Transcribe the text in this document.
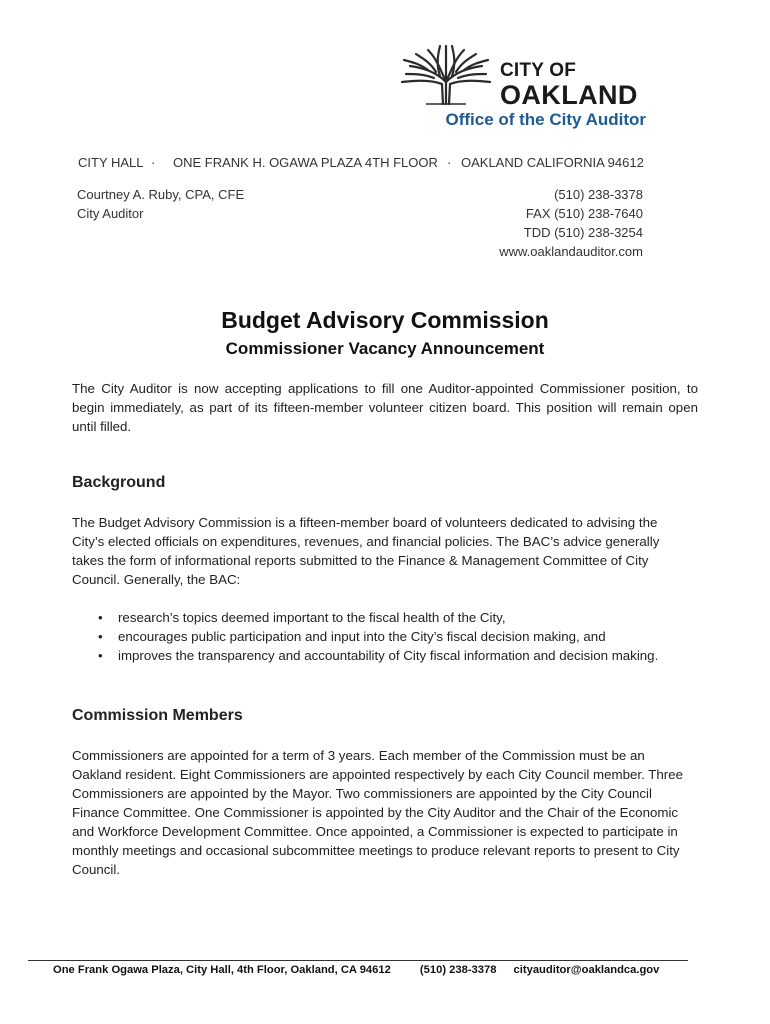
CITY OF
OAKLAND
Office of the City Auditor
CITY HALL · ONE FRANK H. OGAWA PLAZA 4TH FLOOR · OAKLAND CALIFORNIA 94612
Courtney A. Ruby, CPA, CFE
City Auditor
(510) 238-3378
FAX (510) 238-7640
TDD (510) 238-3254
www.oaklandauditor.com
Budget Advisory Commission
Commissioner Vacancy Announcement
The City Auditor is now accepting applications to fill one Auditor-appointed Commissioner position, to begin immediately, as part of its fifteen-member volunteer citizen board. This position will remain open until filled.
Background
The Budget Advisory Commission is a fifteen-member board of volunteers dedicated to advising the City’s elected officials on expenditures, revenues, and financial policies. The BAC’s advice generally takes the form of informational reports submitted to the Finance & Management Committee of City Council. Generally, the BAC:
• research’s topics deemed important to the fiscal health of the City,
• encourages public participation and input into the City’s fiscal decision making, and
• improves the transparency and accountability of City fiscal information and decision making.
Commission Members
Commissioners are appointed for a term of 3 years. Each member of the Commission must be an Oakland resident. Eight Commissioners are appointed respectively by each City Council member. Three Commissioners are appointed by the Mayor. Two commissioners are appointed by the City Council Finance Committee. One Commissioner is appointed by the City Auditor and the Chair of the Economic and Workforce Development Committee. Once appointed, a Commissioner is expected to participate in monthly meetings and occasional subcommittee meetings to produce relevant reports to present to City Council.
One Frank Ogawa Plaza, City Hall, 4th Floor, Oakland, CA 94612	(510) 238-3378 cityauditor@oaklandca.gov
